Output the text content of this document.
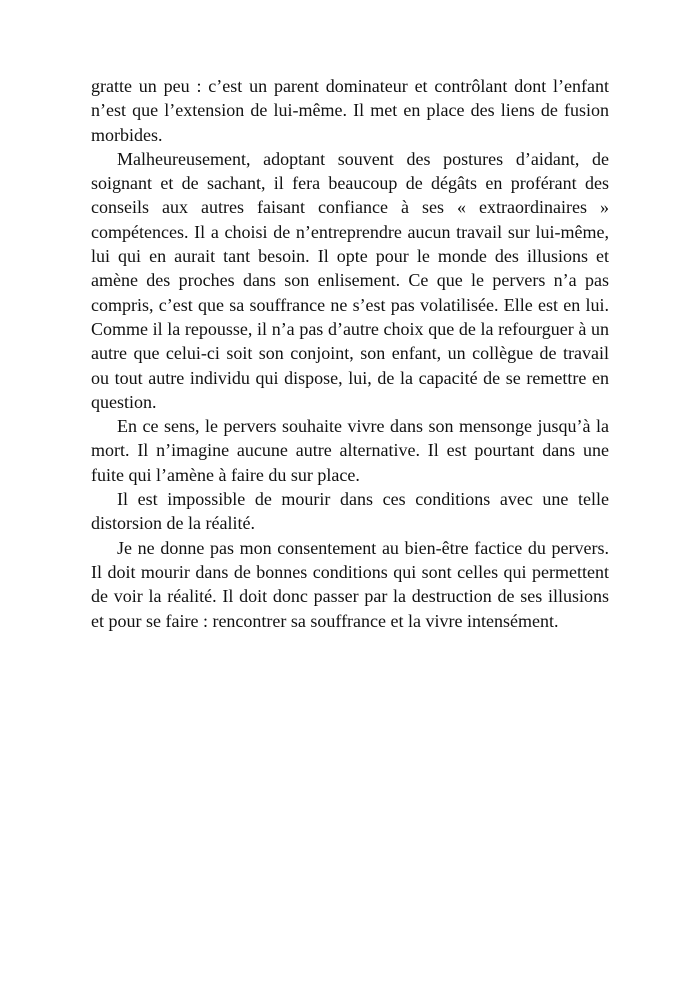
gratte un peu : c’est un parent dominateur et contrôlant dont l’enfant n’est que l’extension de lui-même. Il met en place des liens de fusion morbides.

Malheureusement, adoptant souvent des postures d’aidant, de soignant et de sachant, il fera beaucoup de dégâts en proférant des conseils aux autres faisant confiance à ses « extraordinaires » compétences. Il a choisi de n’entreprendre aucun travail sur lui-même, lui qui en aurait tant besoin. Il opte pour le monde des illusions et amène des proches dans son enlisement. Ce que le pervers n’a pas compris, c’est que sa souffrance ne s’est pas volatilisée. Elle est en lui. Comme il la repousse, il n’a pas d’autre choix que de la refourguer à un autre que celui-ci soit son conjoint, son enfant, un collègue de travail ou tout autre individu qui dispose, lui, de la capacité de se remettre en question.

En ce sens, le pervers souhaite vivre dans son mensonge jusqu’à la mort. Il n’imagine aucune autre alternative. Il est pourtant dans une fuite qui l’amène à faire du sur place.

Il est impossible de mourir dans ces conditions avec une telle distorsion de la réalité.

Je ne donne pas mon consentement au bien-être factice du pervers. Il doit mourir dans de bonnes conditions qui sont celles qui permettent de voir la réalité. Il doit donc passer par la destruction de ses illusions et pour se faire : rencontrer sa souffrance et la vivre intensément.
